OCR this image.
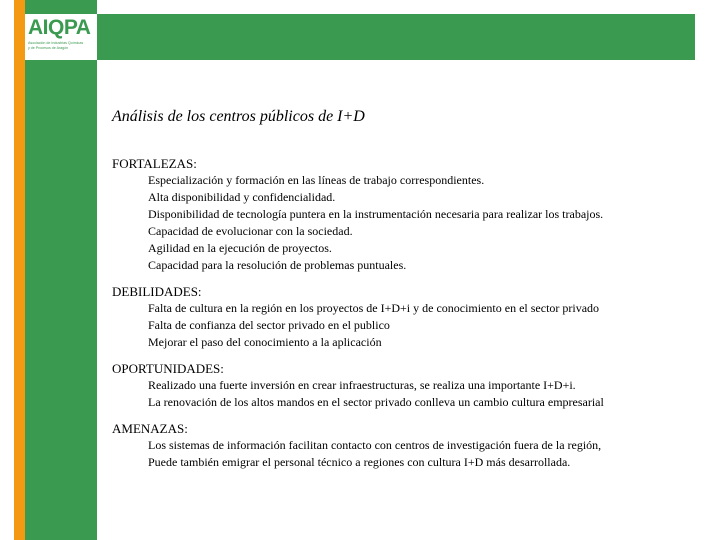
AIQPA
Asociación de Industrias Químicas
y de Procesos de Aragón
Análisis de los centros públicos de I+D
FORTALEZAS:
Especialización y formación en las líneas de trabajo correspondientes.
Alta disponibilidad y confidencialidad.
Disponibilidad de tecnología puntera en la instrumentación necesaria para realizar los trabajos.
Capacidad de evolucionar con la sociedad.
Agilidad en la ejecución de proyectos.
Capacidad para la resolución de problemas puntuales.
DEBILIDADES:
Falta de cultura en la región en los proyectos de I+D+i y de conocimiento en el sector privado
Falta de confianza del sector privado en el publico
Mejorar el paso del conocimiento a la aplicación
OPORTUNIDADES:
Realizado una fuerte inversión en crear infraestructuras, se realiza una importante I+D+i.
La renovación de los altos mandos en el sector privado conlleva un cambio cultura empresarial
AMENAZAS:
Los sistemas de información facilitan contacto con centros de investigación fuera de la región,
Puede también emigrar el personal técnico a regiones con cultura I+D más desarrollada.
